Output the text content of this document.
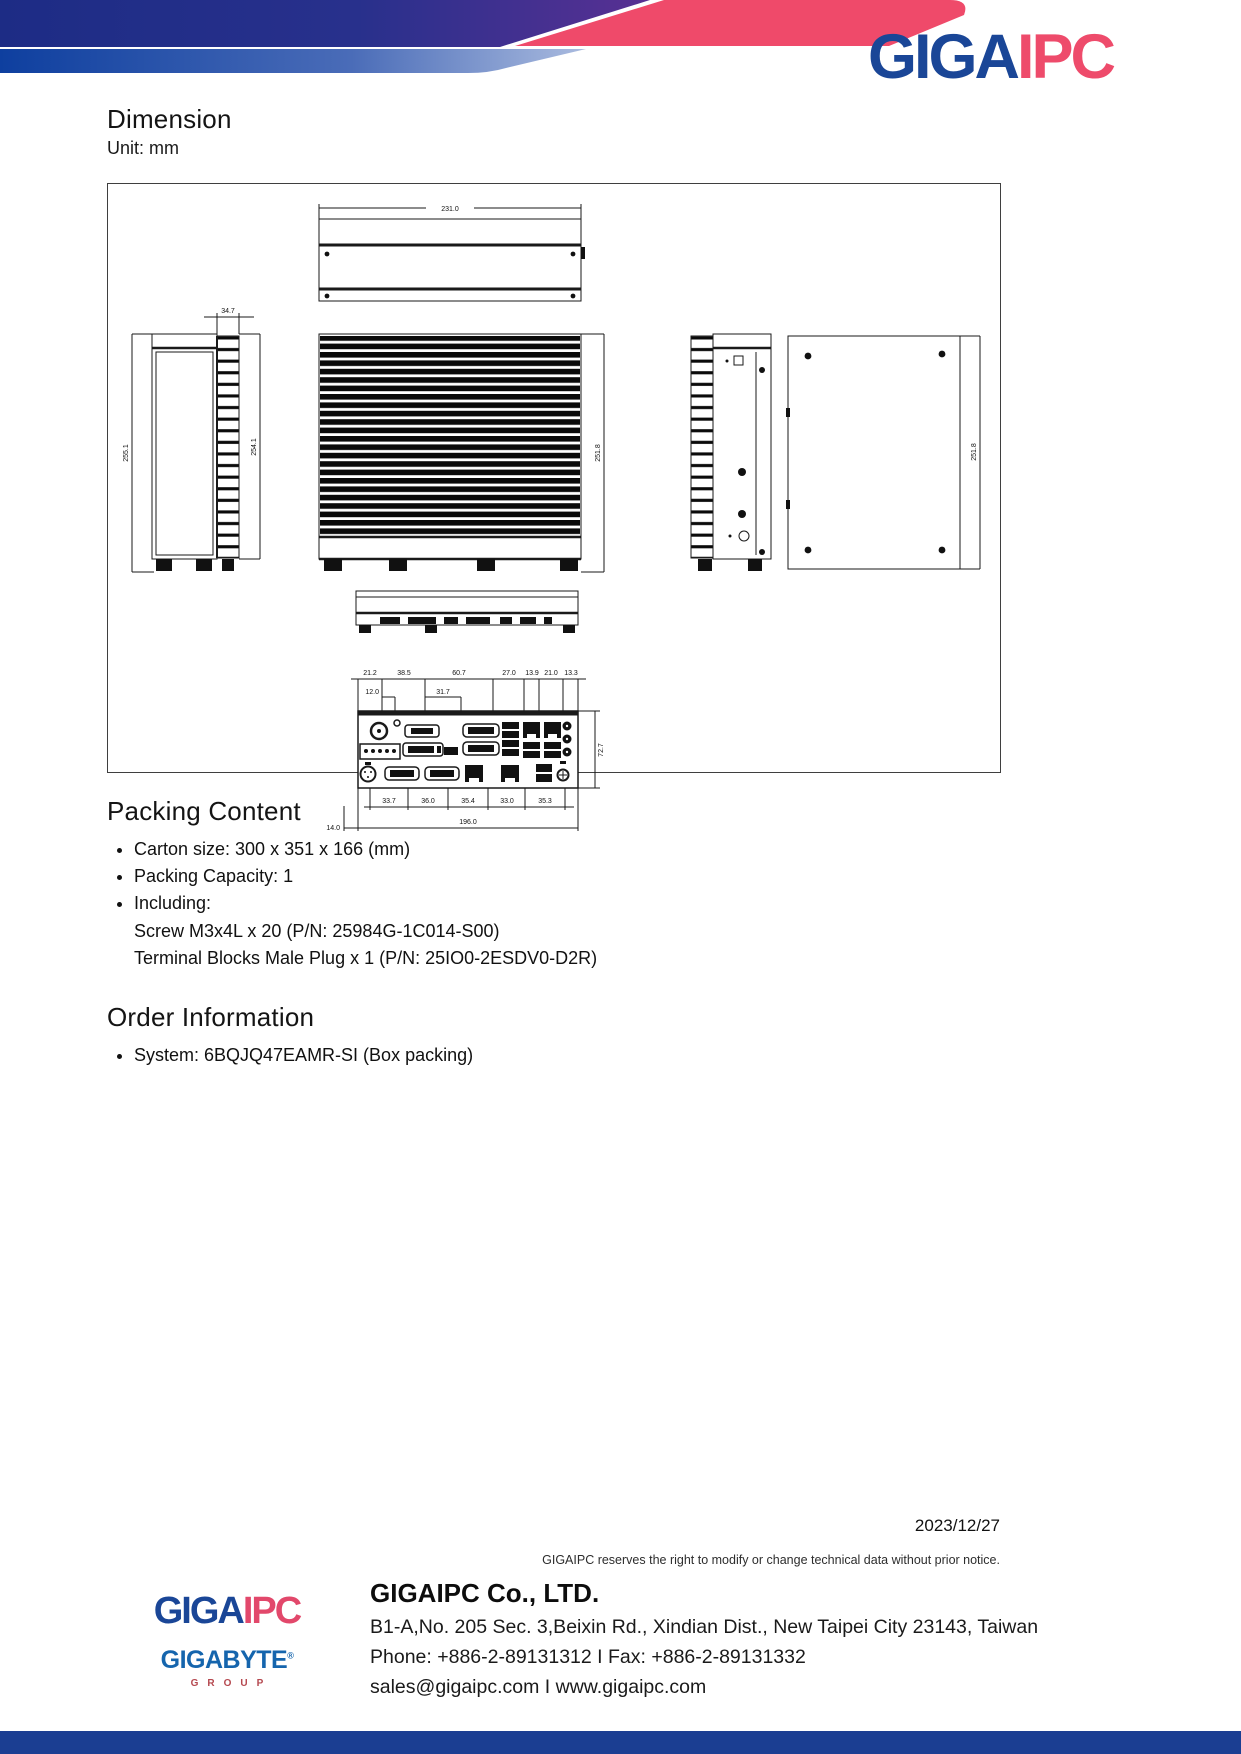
GIGAIPC
Dimension
Unit: mm
231.0
34.7
255.1	254.1	251.8	251.8
21.2	38.5	60.7	27.0 13.9 21.0 13.3
12.0	31.7
72.7
33.7	36.0	35.4	33.0	35.3
14.0
196.0
Packing Content
• Carton size: 300 x 351 x 166 (mm)
• Packing Capacity: 1
• Including:
Screw M3x4L x 20 (P/N: 25984G-1C014-S00)
Terminal Blocks Male Plug x 1 (P/N: 25IO0-2ESDV0-D2R)
Order Information
• System: 6BQJQ47EAMR-SI (Box packing)
2023/12/27
GIGAIPC reserves the right to modify or change technical data without prior notice.
GIGAIPC
GIGABYTE®
GROUP
GIGAIPC Co., LTD.
B1-A,No. 205 Sec. 3,Beixin Rd., Xindian Dist., New Taipei City 23143, Taiwan
Phone: +886-2-89131312 I Fax: +886-2-89131332
sales@gigaipc.com I www.gigaipc.com
